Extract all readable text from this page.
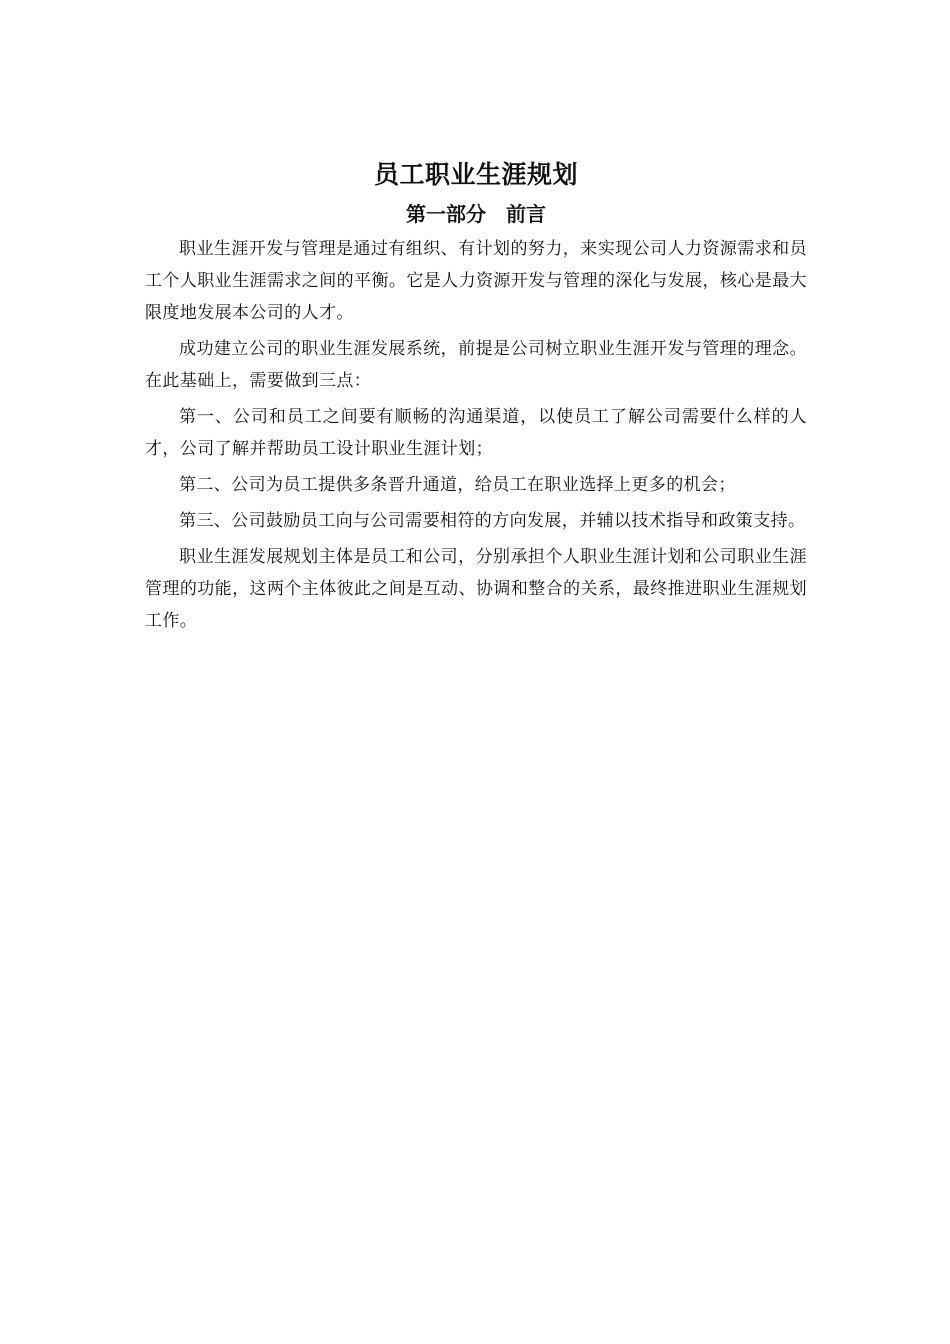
员工职业生涯规划
第一部分　前言

职业生涯开发与管理是通过有组织、有计划的努力，来实现公司人力资源需求和员工个人职业生涯需求之间的平衡。它是人力资源开发与管理的深化与发展，核心是最大限度地发展本公司的人才。

成功建立公司的职业生涯发展系统，前提是公司树立职业生涯开发与管理的理念。在此基础上，需要做到三点：

第一、公司和员工之间要有顺畅的沟通渠道，以使员工了解公司需要什么样的人才，公司了解并帮助员工设计职业生涯计划；

第二、公司为员工提供多条晋升通道，给员工在职业选择上更多的机会；

第三、公司鼓励员工向与公司需要相符的方向发展，并辅以技术指导和政策支持。

职业生涯发展规划主体是员工和公司，分别承担个人职业生涯计划和公司职业生涯管理的功能，这两个主体彼此之间是互动、协调和整合的关系，最终推进职业生涯规划工作。
